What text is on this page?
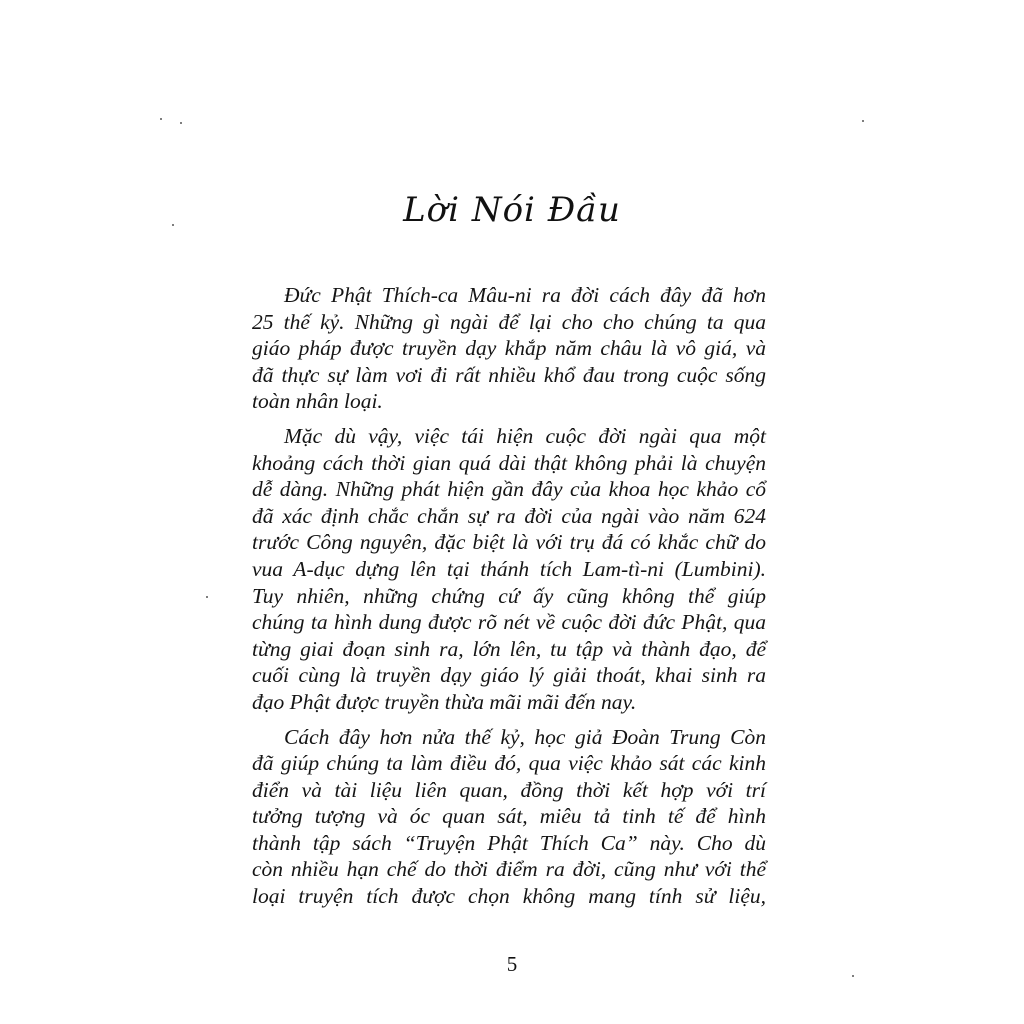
Lời Nói Đầu
Đức Phật Thích-ca Mâu-ni ra đời cách đây đã hơn
25 thế kỷ. Những gì ngài để lại cho cho chúng ta qua
giáo pháp được truyền dạy khắp năm châu là vô giá, và
đã thực sự làm vơi đi rất nhiều khổ đau trong cuộc sống
toàn nhân loại.
Mặc dù vậy, việc tái hiện cuộc đời ngài qua một
khoảng cách thời gian quá dài thật không phải là chuyện
dễ dàng. Những phát hiện gần đây của khoa học khảo cổ
đã xác định chắc chắn sự ra đời của ngài vào năm 624
trước Công nguyên, đặc biệt là với trụ đá có khắc chữ do
vua A-dục dựng lên tại thánh tích Lam-tì-ni (Lumbini).
Tuy nhiên, những chứng cứ ấy cũng không thể giúp
chúng ta hình dung được rõ nét về cuộc đời đức Phật, qua
từng giai đoạn sinh ra, lớn lên, tu tập và thành đạo, để
cuối cùng là truyền dạy giáo lý giải thoát, khai sinh ra
đạo Phật được truyền thừa mãi mãi đến nay.
Cách đây hơn nửa thế kỷ, học giả Đoàn Trung Còn
đã giúp chúng ta làm điều đó, qua việc khảo sát các kinh
điển và tài liệu liên quan, đồng thời kết hợp với trí
tưởng tượng và óc quan sát, miêu tả tinh tế để hình
thành tập sách “Truyện Phật Thích Ca” này. Cho dù
còn nhiều hạn chế do thời điểm ra đời, cũng như với thể
loại truyện tích được chọn không mang tính sử liệu,
5
